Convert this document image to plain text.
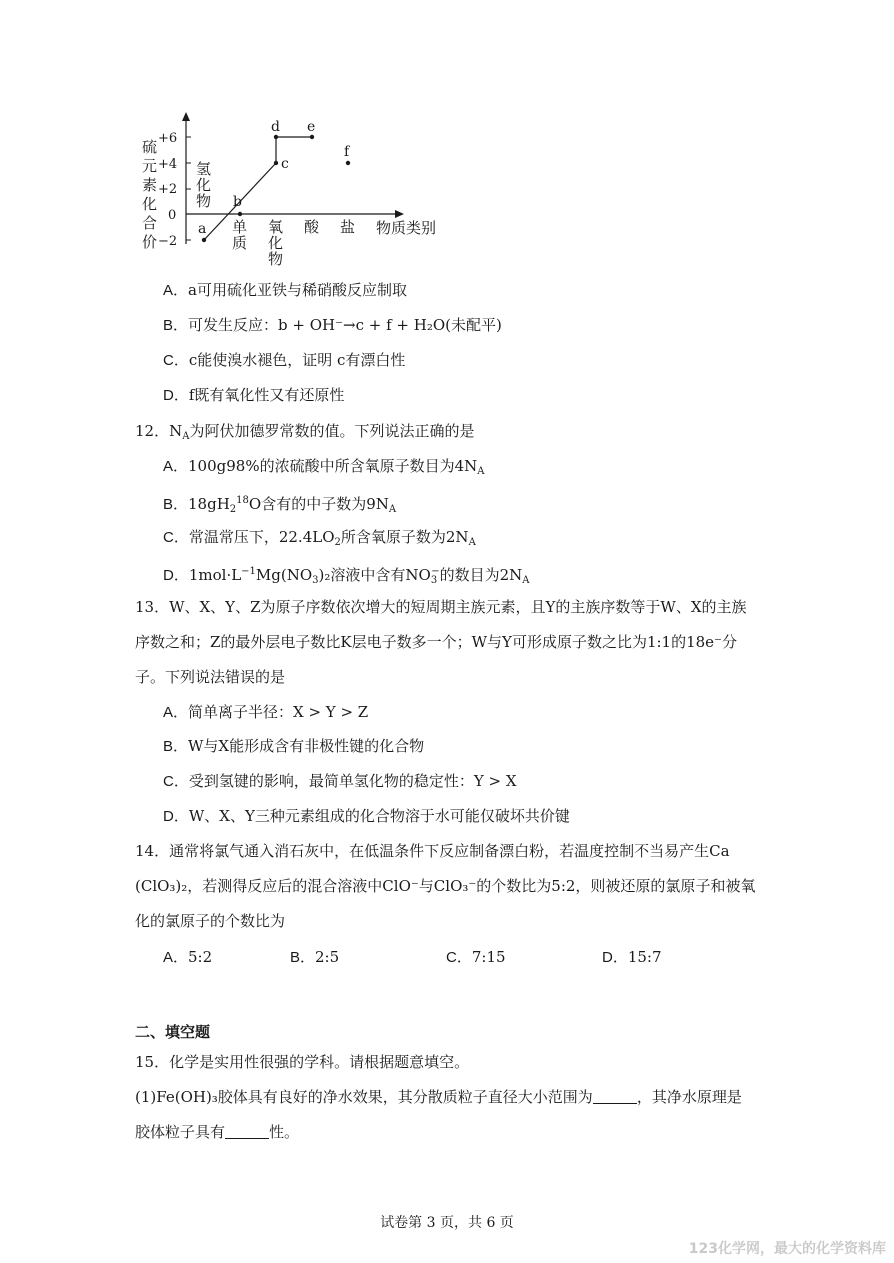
硫元素化合价
+6
+4
+2
0
−2
氢化物
单质
氧化物
酸 盐 物质类别
a
b
c
d e
f
A．a可用硫化亚铁与稀硝酸反应制取
B．可发生反应：b + OH⁻→c + f + H₂O(未配平)
C．c能使溴水褪色，证明 c有漂白性
D．f既有氧化性又有还原性
12．$N_A$为阿伏加德罗常数的值。下列说法正确的是
A．100g98%的浓硫酸中所含氧原子数目为$4N_A$
B．$18gH_2^{18}O$含有的中子数为$9N_A$
C．常温常压下，$22.4LO_2$所含氧原子数为$2N_A$
D．$1mol\cdot L^{-1}Mg(NO_3)_2$溶液中含有$NO_3^-$的数目为$2N_A$
13．W、X、Y、Z为原子序数依次增大的短周期主族元素，且Y的主族序数等于W、X的主族
序数之和；Z的最外层电子数比K层电子数多一个；W与Y可形成原子数之比为1:1的18e⁻分
子。下列说法错误的是
A．简单离子半径：X > Y > Z
B．W与X能形成含有非极性键的化合物
C．受到氢键的影响，最简单氢化物的稳定性：Y > X
D．W、X、Y三种元素组成的化合物溶于水可能仅破坏共价键
14．通常将氯气通入消石灰中，在低温条件下反应制备漂白粉，若温度控制不当易产生Ca
(ClO₃)₂，若测得反应后的混合溶液中ClO⁻与ClO₃⁻的个数比为5:2，则被还原的氯原子和被氧
化的氯原子的个数比为
A．5:2	B．2:5	C．7:15	D．15:7
二、填空题
15．化学是实用性很强的学科。请根据题意填空。
(1)Fe(OH)₃胶体具有良好的净水效果，其分散质粒子直径大小范围为	，其净水原理是
胶体粒子具有	性。
试卷第 3 页，共 6 页
123化学网，最大的化学资料库
